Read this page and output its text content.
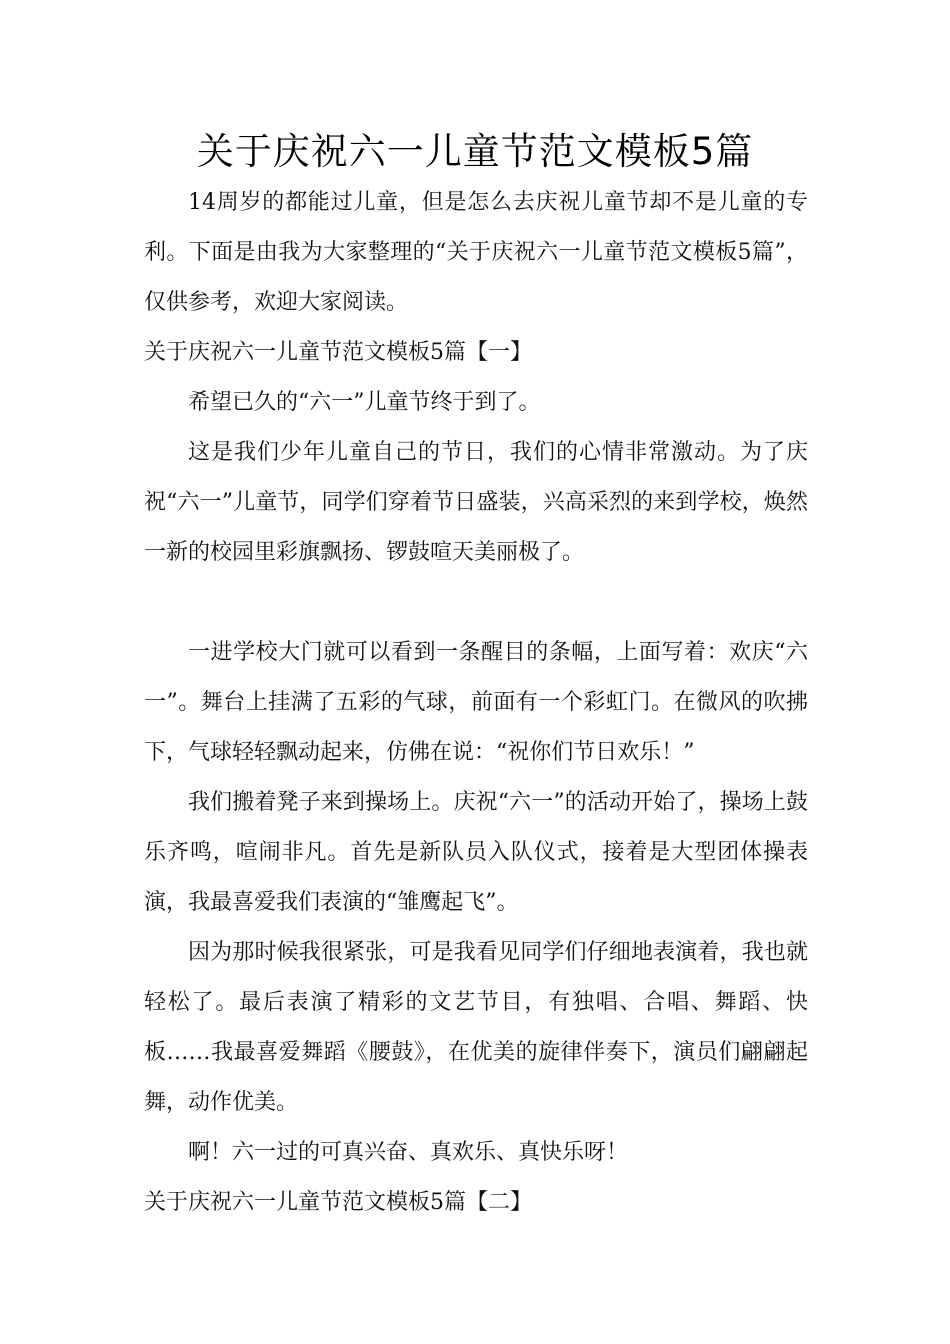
关于庆祝六一儿童节范文模板5篇

14周岁的都能过儿童，但是怎么去庆祝儿童节却不是儿童的专利。下面是由我为大家整理的“关于庆祝六一儿童节范文模板5篇”，仅供参考，欢迎大家阅读。

关于庆祝六一儿童节范文模板5篇【一】

希望已久的“六一”儿童节终于到了。

这是我们少年儿童自己的节日，我们的心情非常激动。为了庆祝“六一”儿童节，同学们穿着节日盛装，兴高采烈的来到学校，焕然一新的校园里彩旗飘扬、锣鼓喧天美丽极了。

一进学校大门就可以看到一条醒目的条幅，上面写着：欢庆“六一”。舞台上挂满了五彩的气球，前面有一个彩虹门。在微风的吹拂下，气球轻轻飘动起来，仿佛在说：“祝你们节日欢乐！”

我们搬着凳子来到操场上。庆祝“六一”的活动开始了，操场上鼓乐齐鸣，喧闹非凡。首先是新队员入队仪式，接着是大型团体操表演，我最喜爱我们表演的“雏鹰起飞”。

因为那时候我很紧张，可是我看见同学们仔细地表演着，我也就轻松了。最后表演了精彩的文艺节目，有独唱、合唱、舞蹈、快板……我最喜爱舞蹈《腰鼓》，在优美的旋律伴奏下，演员们翩翩起舞，动作优美。

啊！六一过的可真兴奋、真欢乐、真快乐呀！

关于庆祝六一儿童节范文模板5篇【二】
